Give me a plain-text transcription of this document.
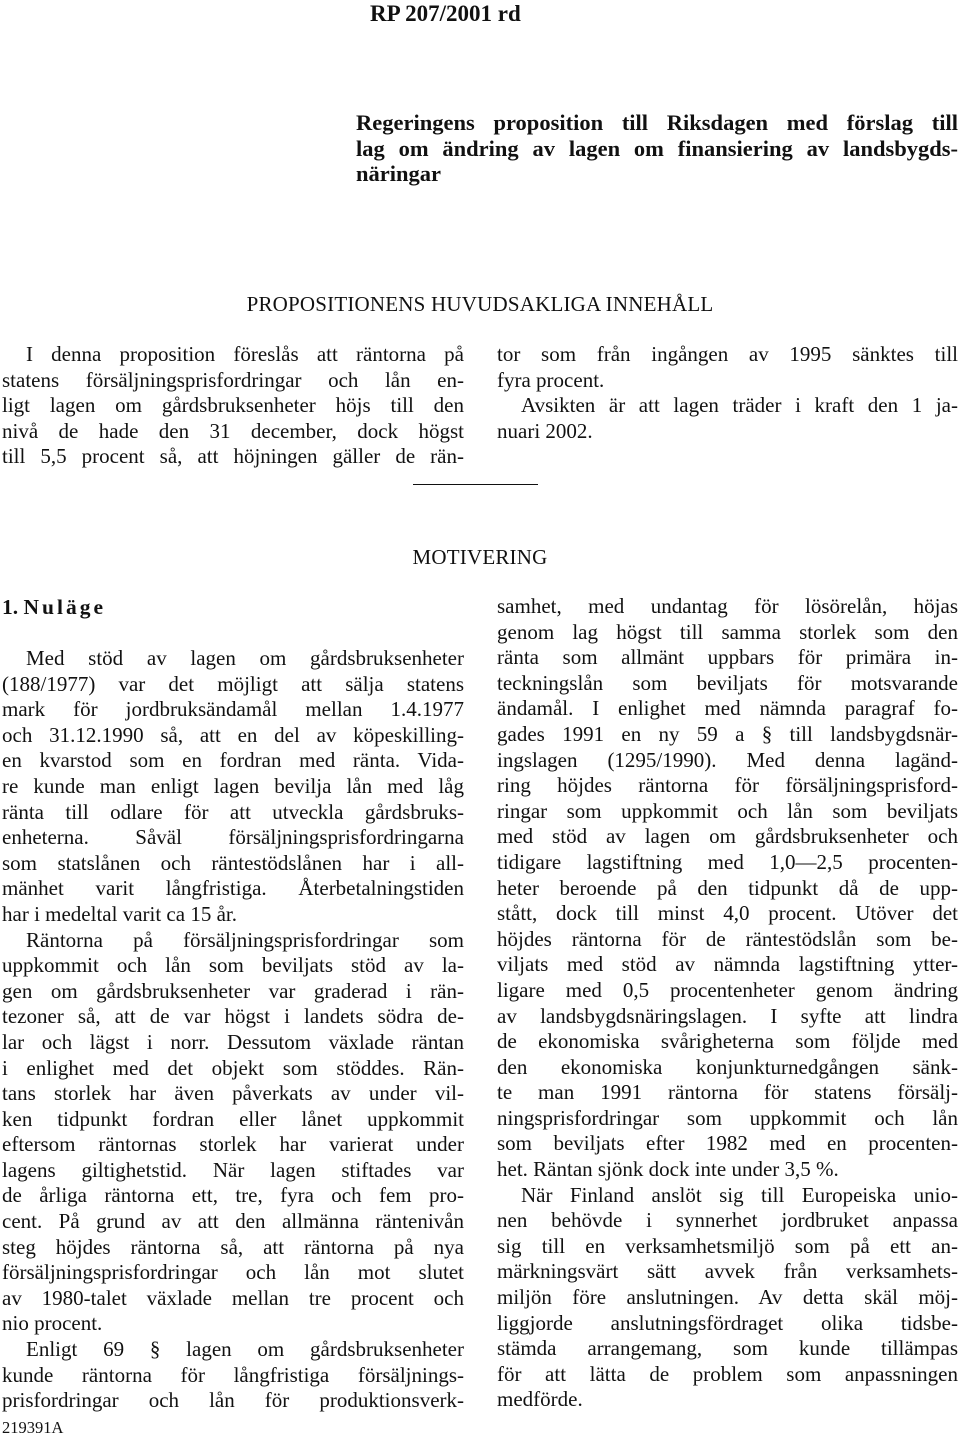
RP 207/2001 rd
Regeringens proposition till Riksdagen med förslag till
lag om ändring av lagen om finansiering av landsbygds-
näringar
PROPOSITIONENS HUVUDSAKLIGA INNEHÅLL
I denna proposition föreslås att räntorna på
statens försäljningsprisfordringar och lån en-
ligt lagen om gårdsbruksenheter höjs till den
nivå de hade den 31 december, dock högst
till 5,5 procent så, att höjningen gäller de rän-
tor som från ingången av 1995 sänktes till
fyra procent.
Avsikten är att lagen träder i kraft den 1 ja-
nuari 2002.
MOTIVERING
1. Nuläge
Med stöd av lagen om gårdsbruksenheter
(188/1977) var det möjligt att sälja statens
mark för jordbruksändamål mellan 1.4.1977
och 31.12.1990 så, att en del av köpeskilling-
en kvarstod som en fordran med ränta. Vida-
re kunde man enligt lagen bevilja lån med låg
ränta till odlare för att utveckla gårdsbruks-
enheterna. Såväl försäljningsprisfordringarna
som statslånen och räntestödslånen har i all-
mänhet varit långfristiga. Återbetalningstiden
har i medeltal varit ca 15 år.
Räntorna på försäljningsprisfordringar som
uppkommit och lån som beviljats stöd av la-
gen om gårdsbruksenheter var graderad i rän-
tezoner så, att de var högst i landets södra de-
lar och lägst i norr. Dessutom växlade räntan
i enlighet med det objekt som stöddes. Rän-
tans storlek har även påverkats av under vil-
ken tidpunkt fordran eller lånet uppkommit
eftersom räntornas storlek har varierat under
lagens giltighetstid. När lagen stiftades var
de årliga räntorna ett, tre, fyra och fem pro-
cent. På grund av att den allmänna räntenivån
steg höjdes räntorna så, att räntorna på nya
försäljningsprisfordringar och lån mot slutet
av 1980-talet växlade mellan tre procent och
nio procent.
Enligt 69 § lagen om gårdsbruksenheter
kunde räntorna för långfristiga försäljnings-
prisfordringar och lån för produktionsverk-
samhet, med undantag för lösörelån, höjas
genom lag högst till samma storlek som den
ränta som allmänt uppbars för primära in-
teckningslån som beviljats för motsvarande
ändamål. I enlighet med nämnda paragraf fo-
gades 1991 en ny 59 a § till landsbygdsnär-
ingslagen (1295/1990). Med denna lagänd-
ring höjdes räntorna för försäljningsprisford-
ringar som uppkommit och lån som beviljats
med stöd av lagen om gårdsbruksenheter och
tidigare lagstiftning med 1,0—2,5 procenten-
heter beroende på den tidpunkt då de upp-
stått, dock till minst 4,0 procent. Utöver det
höjdes räntorna för de räntestödslån som be-
viljats med stöd av nämnda lagstiftning ytter-
ligare med 0,5 procentenheter genom ändring
av landsbygdsnäringslagen. I syfte att lindra
de ekonomiska svårigheterna som följde med
den ekonomiska konjunkturnedgången sänk-
te man 1991 räntorna för statens försälj-
ningsprisfordringar som uppkommit och lån
som beviljats efter 1982 med en procenten-
het. Räntan sjönk dock inte under 3,5 %.
När Finland anslöt sig till Europeiska unio-
nen behövde i synnerhet jordbruket anpassa
sig till en verksamhetsmiljö som på ett an-
märkningsvärt sätt avvek från verksamhets-
miljön före anslutningen. Av detta skäl möj-
liggjorde anslutningsfördraget olika tidsbe-
stämda arrangemang, som kunde tillämpas
för att lätta de problem som anpassningen
medförde.
219391A
